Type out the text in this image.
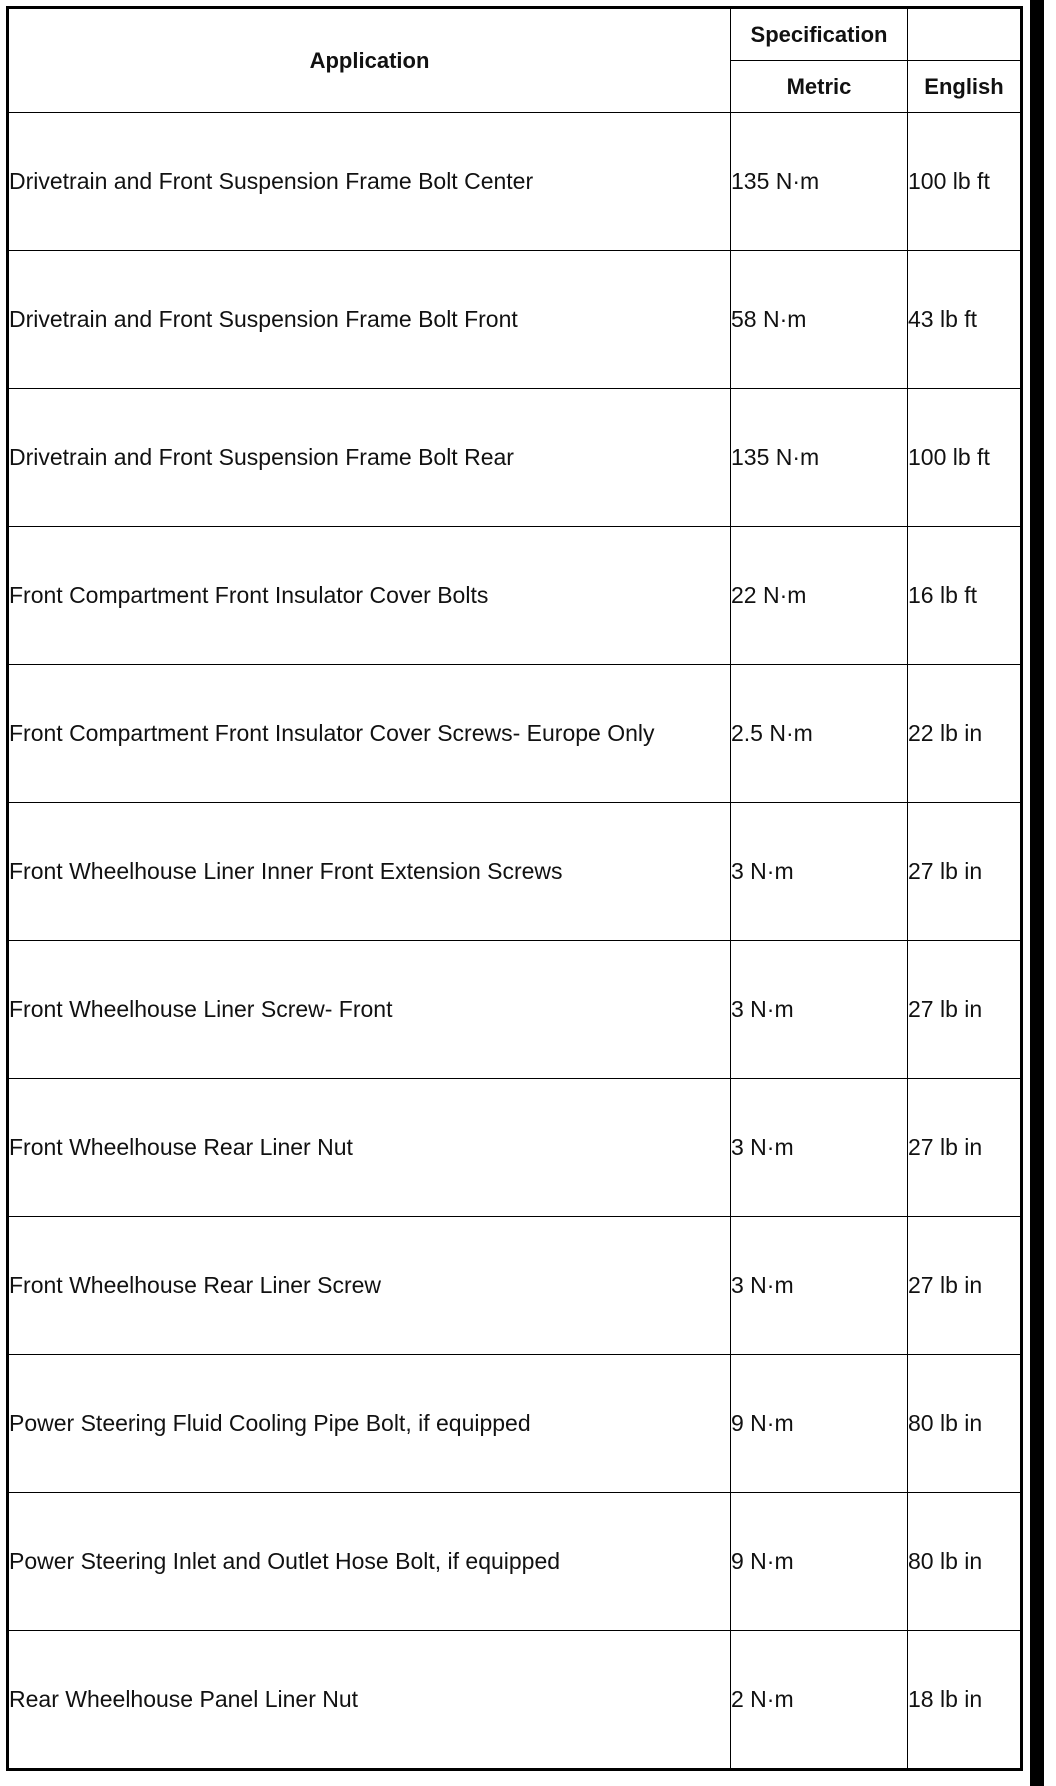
Application	Specification	
	Metric	English
Drivetrain and Front Suspension Frame Bolt Center	135 N·m	100 lb ft
Drivetrain and Front Suspension Frame Bolt Front	58 N·m	43 lb ft
Drivetrain and Front Suspension Frame Bolt Rear	135 N·m	100 lb ft
Front Compartment Front Insulator Cover Bolts	22 N·m	16 lb ft
Front Compartment Front Insulator Cover Screws- Europe Only	2.5 N·m	22 lb in
Front Wheelhouse Liner Inner Front Extension Screws	3 N·m	27 lb in
Front Wheelhouse Liner Screw- Front	3 N·m	27 lb in
Front Wheelhouse Rear Liner Nut	3 N·m	27 lb in
Front Wheelhouse Rear Liner Screw	3 N·m	27 lb in
Power Steering Fluid Cooling Pipe Bolt, if equipped	9 N·m	80 lb in
Power Steering Inlet and Outlet Hose Bolt, if equipped	9 N·m	80 lb in
Rear Wheelhouse Panel Liner Nut	2 N·m	18 lb in
